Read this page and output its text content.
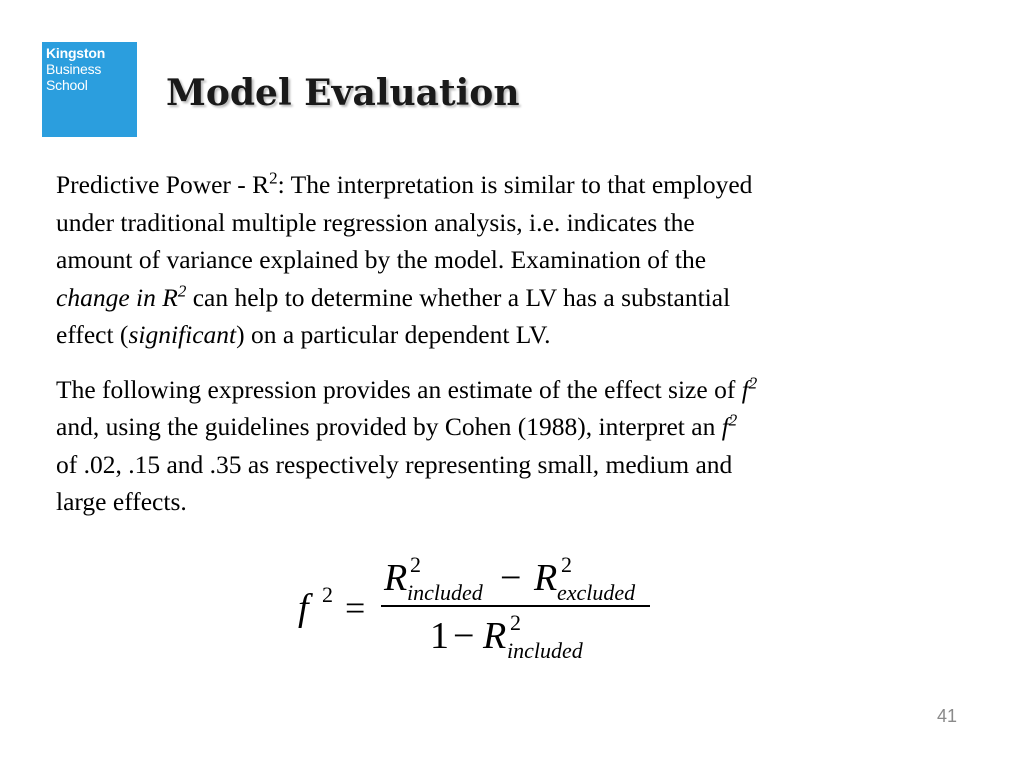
Kingston
Business
School	Model Evaluation

Predictive Power - $R^2$: The interpretation is similar to that employed
under traditional multiple regression analysis, i.e. indicates the
amount of variance explained by the model. Examination of the
change in $R^2$ can help to determine whether a LV has a substantial
effect (significant) on a particular dependent LV.

The following expression provides an estimate of the effect size of $f^2$
and, using the guidelines provided by Cohen (1988), interpret an $f^2$
of .02, .15 and .35 as respectively representing small, medium and
large effects.

f 2 =
R 2
included − R 2
excluded
1 − R 2
included
41
